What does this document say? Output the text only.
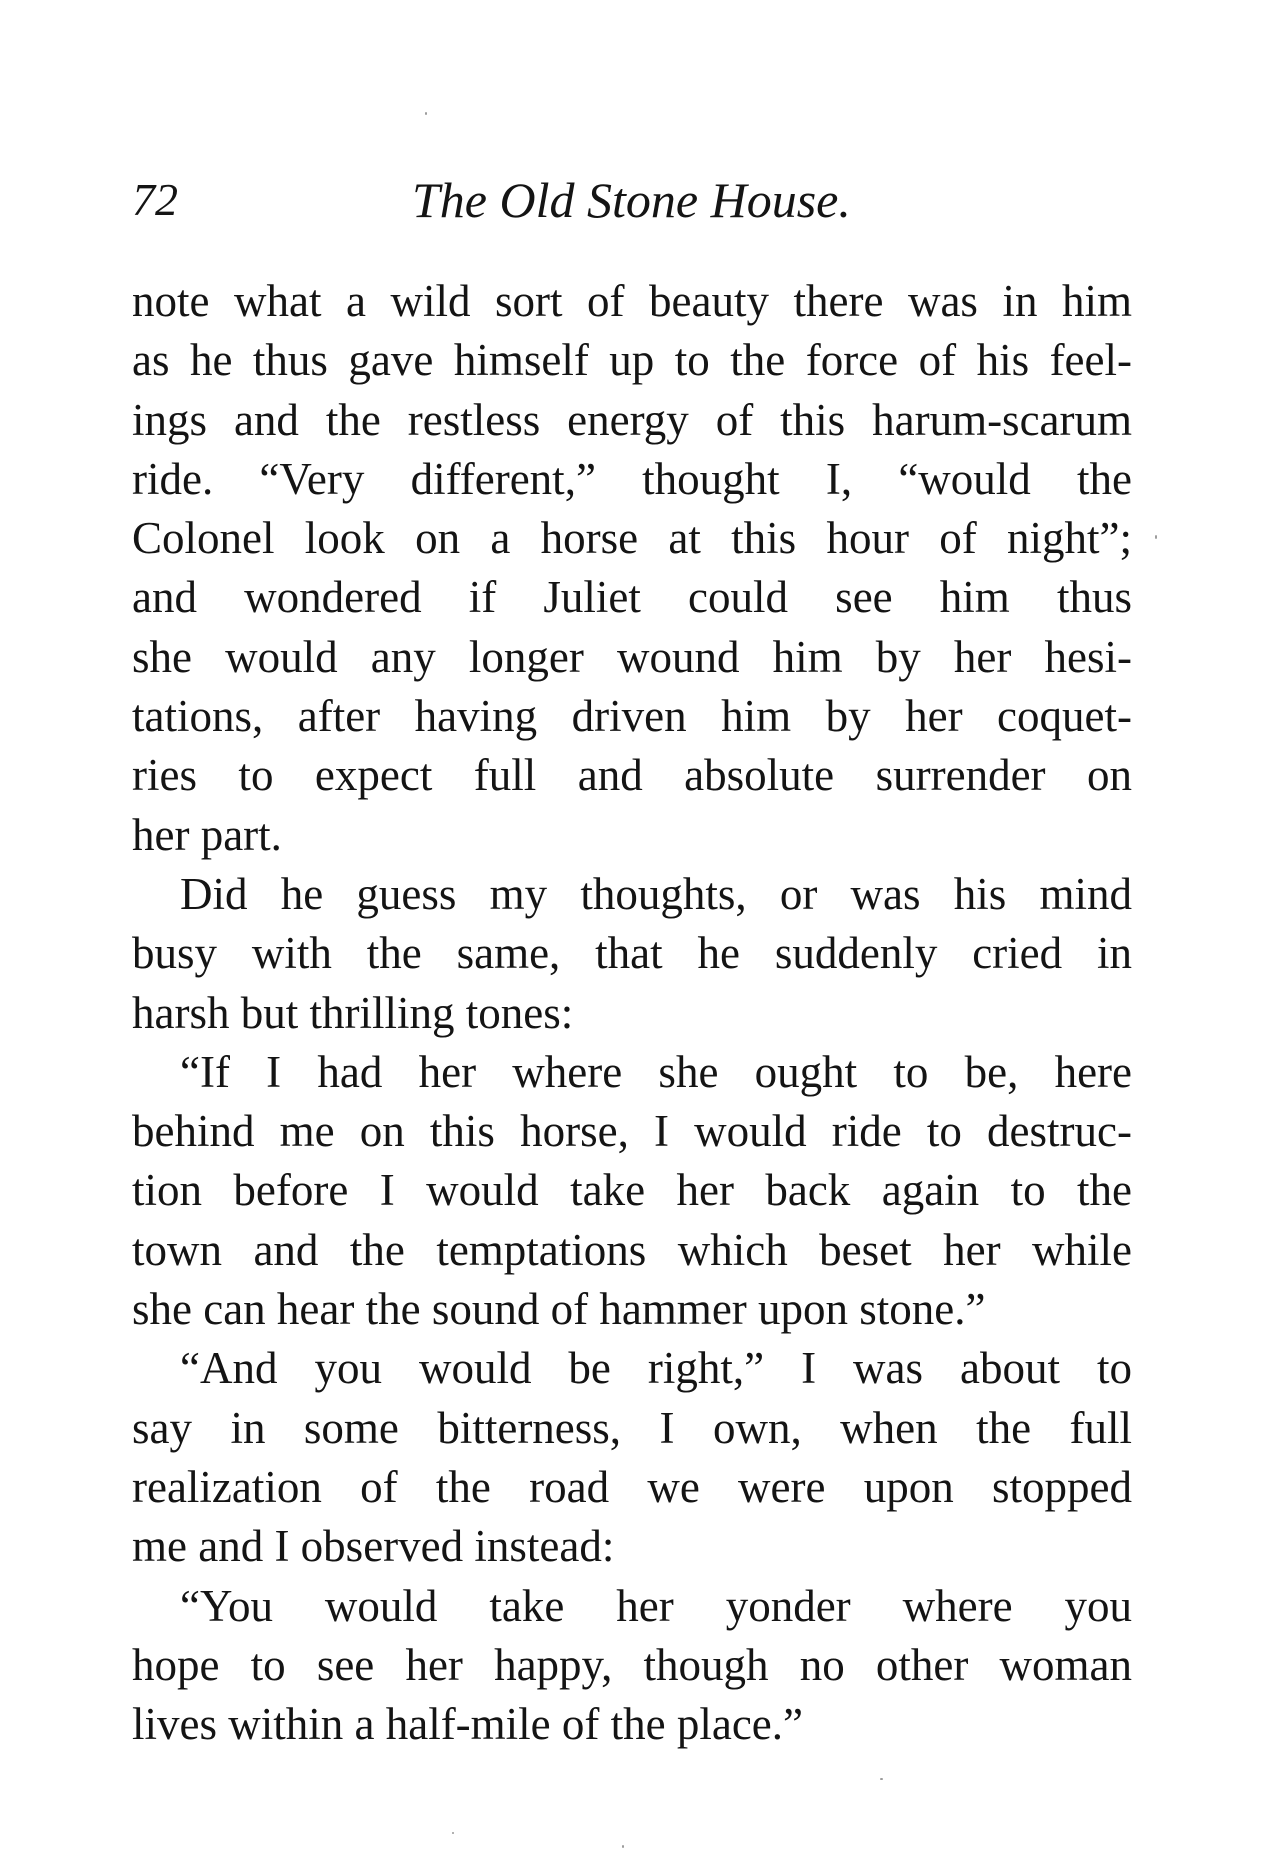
72	The Old Stone House.
note what a wild sort of beauty there was in him
as he thus gave himself up to the force of his feel-
ings and the restless energy of this harum-scarum
ride. “Very different,” thought I, “would the
Colonel look on a horse at this hour of night”;
and wondered if Juliet could see him thus
she would any longer wound him by her hesi-
tations, after having driven him by her coquet-
ries to expect full and absolute surrender on
her part.
Did he guess my thoughts, or was his mind
busy with the same, that he suddenly cried in
harsh but thrilling tones:
“If I had her where she ought to be, here
behind me on this horse, I would ride to destruc-
tion before I would take her back again to the
town and the temptations which beset her while
she can hear the sound of hammer upon stone.”
“And you would be right,” I was about to
say in some bitterness, I own, when the full
realization of the road we were upon stopped
me and I observed instead:
“You would take her yonder where you
hope to see her happy, though no other woman
lives within a half-mile of the place.”
